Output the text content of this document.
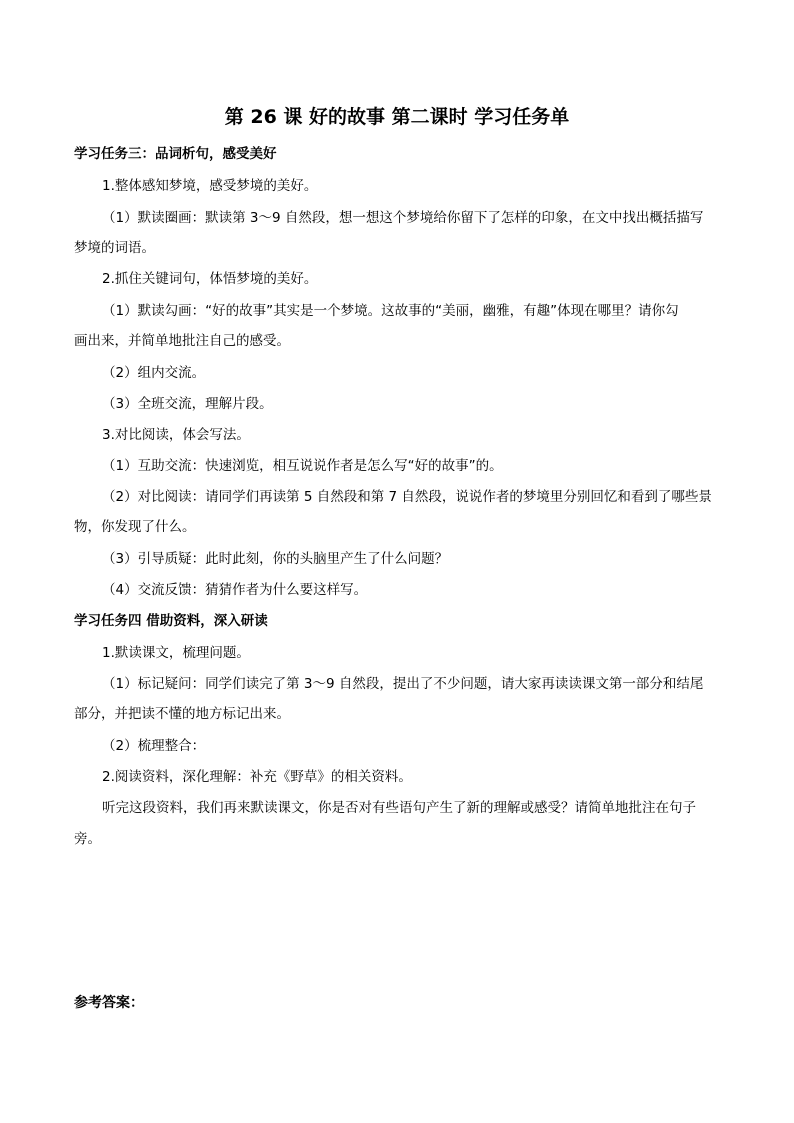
第 26 课 好的故事 第二课时 学习任务单
学习任务三：品词析句，感受美好
1.整体感知梦境，感受梦境的美好。
（1）默读圈画：默读第 3～9 自然段，想一想这个梦境给你留下了怎样的印象，在文中找出概括描写
梦境的词语。
2.抓住关键词句，体悟梦境的美好。
（1）默读勾画：“好的故事”其实是一个梦境。这故事的“美丽，幽雅，有趣”体现在哪里？请你勾
画出来，并简单地批注自己的感受。
（2）组内交流。
（3）全班交流，理解片段。
3.对比阅读，体会写法。
（1）互助交流：快速浏览，相互说说作者是怎么写“好的故事”的。
（2）对比阅读：请同学们再读第 5 自然段和第 7 自然段，说说作者的梦境里分别回忆和看到了哪些景
物，你发现了什么。
（3）引导质疑：此时此刻，你的头脑里产生了什么问题？
（4）交流反馈：猜猜作者为什么要这样写。
学习任务四 借助资料，深入研读
1.默读课文，梳理问题。
（1）标记疑问：同学们读完了第 3～9 自然段，提出了不少问题，请大家再读读课文第一部分和结尾
部分，并把读不懂的地方标记出来。
（2）梳理整合：
2.阅读资料，深化理解：补充《野草》的相关资料。
听完这段资料，我们再来默读课文，你是否对有些语句产生了新的理解或感受？请简单地批注在句子
旁。
参考答案：
